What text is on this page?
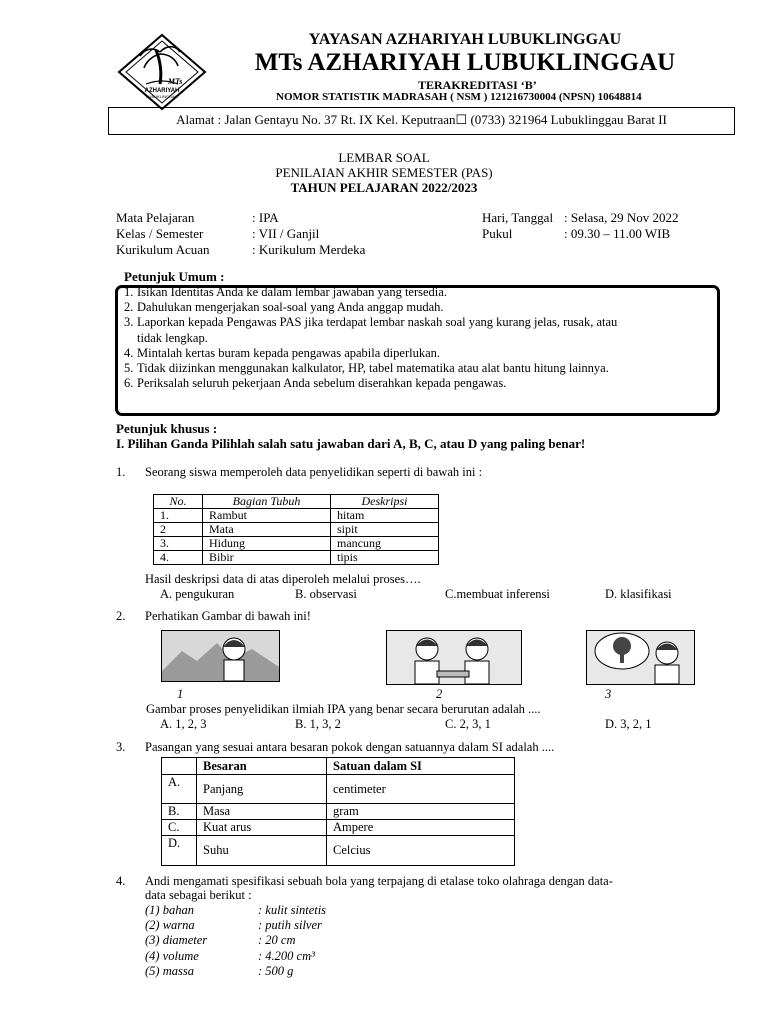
MTs
AZHARIYAH
LUBUKLINGGAU
YAYASAN AZHARIYAH LUBUKLINGGAU
MTs AZHARIYAH LUBUKLINGGAU
TERAKREDITASI ‘B’
NOMOR STATISTIK MADRASAH ( NSM ) 121216730004 (NPSN) 10648814
Alamat : Jalan Gentayu No. 37 Rt. IX Kel. Keputraan☐ (0733) 321964 Lubuklinggau Barat II
LEMBAR SOAL
PENILAIAN AKHIR SEMESTER (PAS)
TAHUN PELAJARAN 2022/2023
Mata Pelajaran	: IPA
Kelas / Semester	: VII / Ganjil
Kurikulum Acuan	: Kurikulum Merdeka
Hari, Tanggal : Selasa, 29 Nov 2022
Pukul	: 09.30 – 11.00 WIB
Petunjuk Umum :
1. Isikan Identitas Anda ke dalam lembar jawaban yang tersedia.
2. Dahulukan mengerjakan soal-soal yang Anda anggap mudah.
3. Laporkan kepada Pengawas PAS jika terdapat lembar naskah soal yang kurang jelas, rusak, atau
tidak lengkap.
4. Mintalah kertas buram kepada pengawas apabila diperlukan.
5. Tidak diizinkan menggunakan kalkulator, HP, tabel matematika atau alat bantu hitung lainnya.
6. Periksalah seluruh pekerjaan Anda sebelum diserahkan kepada pengawas.
Petunjuk khusus :
I. Pilihan Ganda Pilihlah salah satu jawaban dari A, B, C, atau D yang paling benar!
1. Seorang siswa memperoleh data penyelidikan seperti di bawah ini :
No.	Bagian Tubuh	Deskripsi
1.	Rambut	hitam
2	Mata	sipit
3.	Hidung	mancung
4.	Bibir	tipis
Hasil deskripsi data di atas diperoleh melalui proses….
A. pengukuran	B. observasi	C.membuat inferensi	D. klasifikasi
2. Perhatikan Gambar di bawah ini!
1	2	3
Gambar proses penyelidikan ilmiah IPA yang benar secara berurutan adalah ....
A. 1, 2, 3	B. 1, 3, 2	C. 2, 3, 1	D. 3, 2, 1
3. Pasangan yang sesuai antara besaran pokok dengan satuannya dalam SI adalah ....
	Besaran	Satuan dalam SI
A.	Panjang	centimeter
B.	Masa	gram
C.	Kuat arus	Ampere
D.	Suhu	Celcius
4. Andi mengamati spesifikasi sebuah bola yang terpajang di etalase toko olahraga dengan data-
data sebagai berikut :
(1) bahan	: kulit sintetis
(2) warna	: putih silver
(3) diameter	: 20 cm
(4) volume	: 4.200 cm³
(5) massa	: 500 g
